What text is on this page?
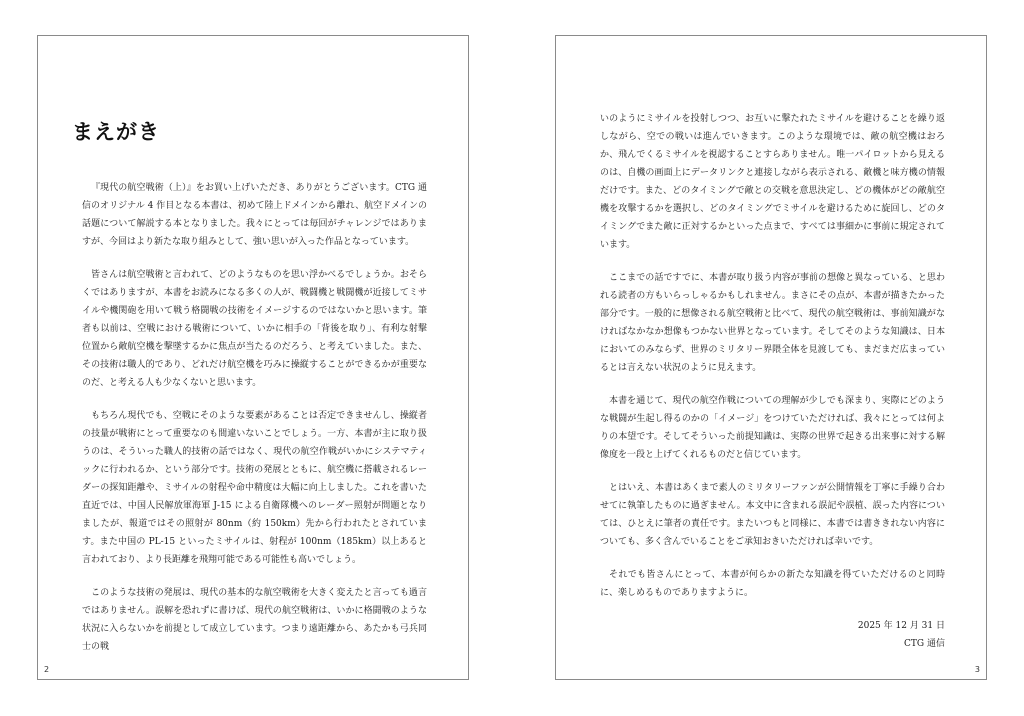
まえがき

『現代の航空戦術（上）』をお買い上げいただき、ありがとうございます。CTG 通信のオリジナル 4 作目となる本書は、初めて陸上ドメインから離れ、航空ドメインの話題について解説する本となりました。我々にとっては毎回がチャレンジではありますが、今回はより新たな取り組みとして、強い思いが入った作品となっています。

皆さんは航空戦術と言われて、どのようなものを思い浮かべるでしょうか。おそらくではありますが、本書をお読みになる多くの人が、戦闘機と戦闘機が近接してミサイルや機関砲を用いて戦う格闘戦の技術をイメージするのではないかと思います。筆者も以前は、空戦における戦術について、いかに相手の「背後を取り」、有利な射撃位置から敵航空機を撃墜するかに焦点が当たるのだろう、と考えていました。また、その技術は職人的であり、どれだけ航空機を巧みに操縦することができるかが重要なのだ、と考える人も少なくないと思います。

もちろん現代でも、空戦にそのような要素があることは否定できませんし、操縦者の技量が戦術にとって重要なのも間違いないことでしょう。一方、本書が主に取り扱うのは、そういった職人的技術の話ではなく、現代の航空作戦がいかにシステマティックに行われるか、という部分です。技術の発展とともに、航空機に搭載されるレーダーの探知距離や、ミサイルの射程や命中精度は大幅に向上しました。これを書いた直近では、中国人民解放軍海軍 J-15 による自衛隊機へのレーダー照射が問題となりましたが、報道ではその照射が 80nm（約 150km）先から行われたとされています。また中国の PL-15 といったミサイルは、射程が 100nm（185km）以上あると言われており、より長距離を飛翔可能である可能性も高いでしょう。

このような技術の発展は、現代の基本的な航空戦術を大きく変えたと言っても過言ではありません。誤解を恐れずに書けば、現代の航空戦術は、いかに格闘戦のような状況に入らないかを前提として成立しています。つまり遠距離から、あたかも弓兵同士の戦

2

いのようにミサイルを投射しつつ、お互いに撃たれたミサイルを避けることを繰り返しながら、空での戦いは進んでいきます。このような環境では、敵の航空機はおろか、飛んでくるミサイルを視認することすらありません。唯一パイロットから見えるのは、自機の画面上にデータリンクと連接しながら表示される、敵機と味方機の情報だけです。また、どのタイミングで敵との交戦を意思決定し、どの機体がどの敵航空機を攻撃するかを選択し、どのタイミングでミサイルを避けるために旋回し、どのタイミングでまた敵に正対するかといった点まで、すべては事細かに事前に規定されています。

ここまでの話ですでに、本書が取り扱う内容が事前の想像と異なっている、と思われる読者の方もいらっしゃるかもしれません。まさにその点が、本書が描きたかった部分です。一般的に想像される航空戦術と比べて、現代の航空戦術は、事前知識がなければなかなか想像もつかない世界となっています。そしてそのような知識は、日本においてのみならず、世界のミリタリー界隈全体を見渡しても、まだまだ広まっているとは言えない状況のように見えます。

本書を通じて、現代の航空作戦についての理解が少しでも深まり、実際にどのような戦闘が生起し得るのかの「イメージ」をつけていただければ、我々にとっては何よりの本望です。そしてそういった前提知識は、実際の世界で起きる出来事に対する解像度を一段と上げてくれるものだと信じています。

とはいえ、本書はあくまで素人のミリタリーファンが公開情報を丁寧に手繰り合わせてに執筆したものに過ぎません。本文中に含まれる誤記や誤植、誤った内容については、ひとえに筆者の責任です。またいつもと同様に、本書では書ききれない内容についても、多く含んでいることをご承知おきいただければ幸いです。

それでも皆さんにとって、本書が何らかの新たな知識を得ていただけるのと同時に、楽しめるものでありますように。

2025 年 12 月 31 日

CTG 通信

3
